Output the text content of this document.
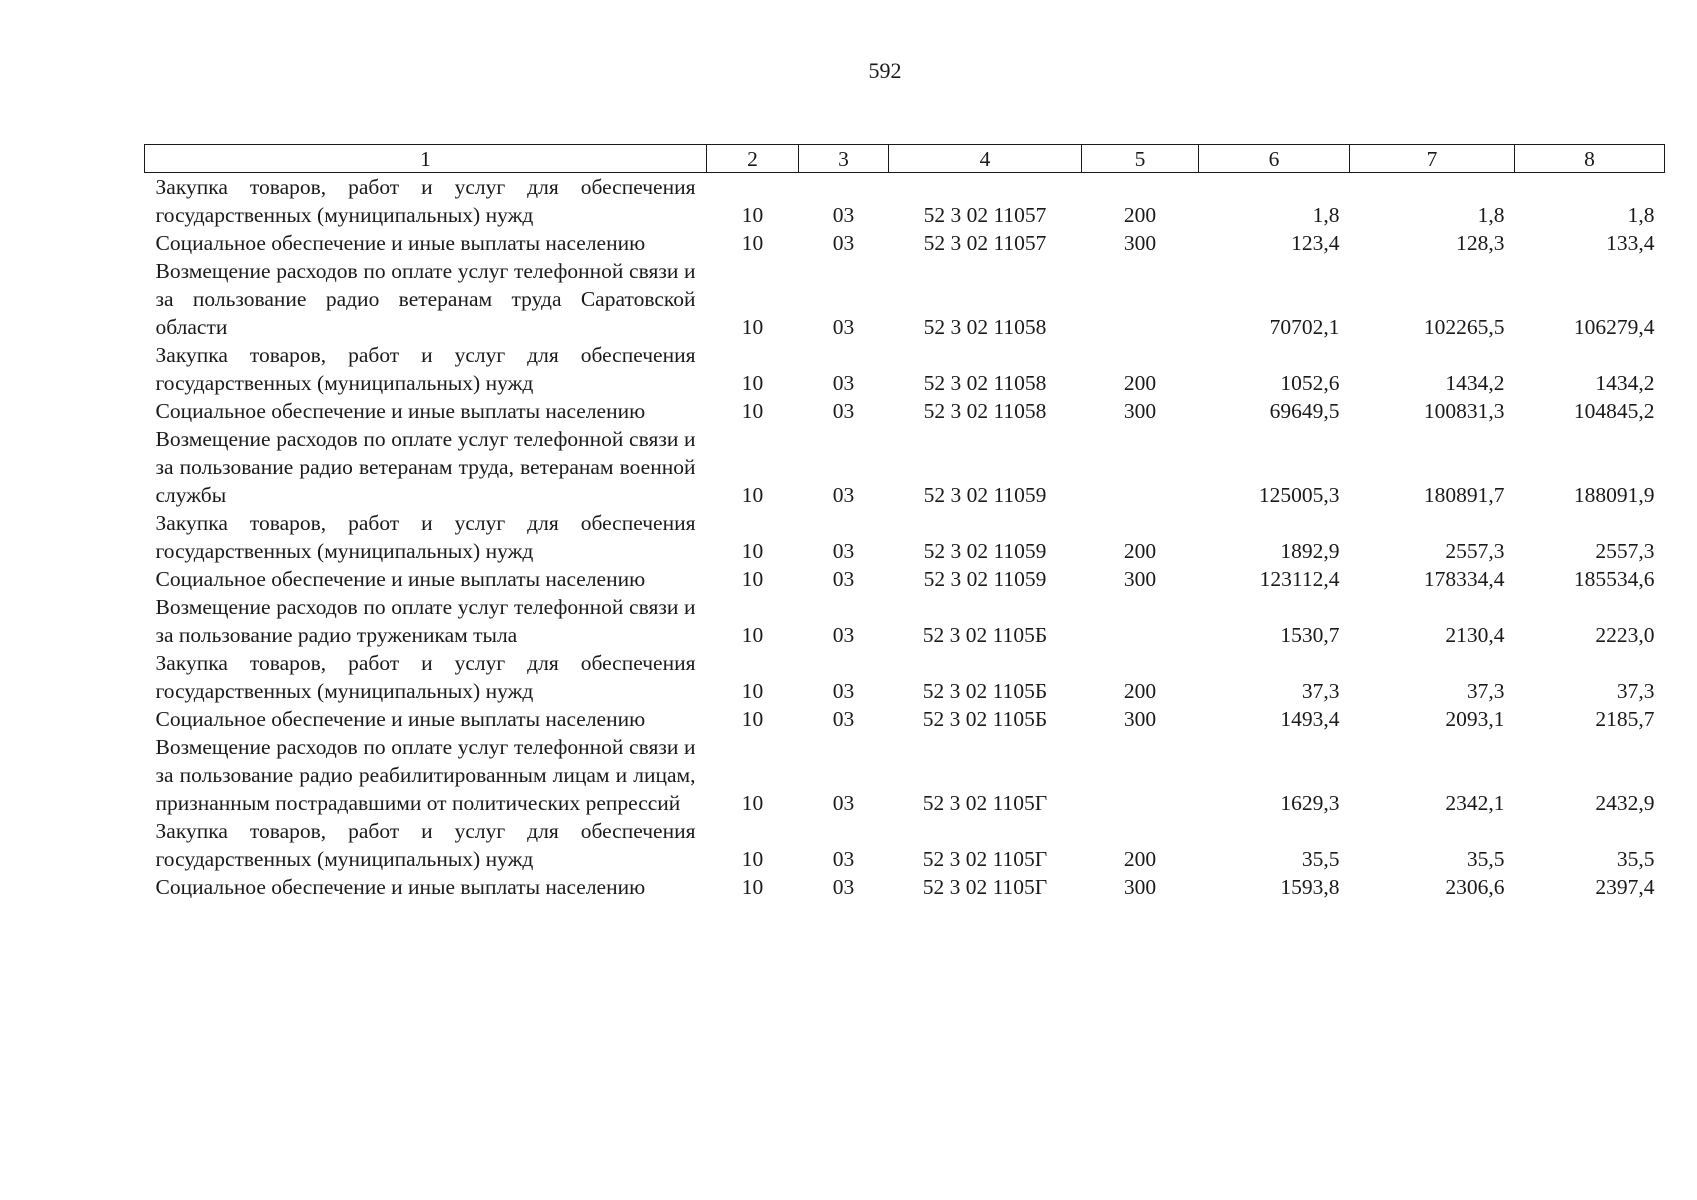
592
1	2	3	4	5	6	7	8
Закупка товаров, работ и услуг для обеспечения государственных (муниципальных) нужд	10	03	52 3 02 11057	200	1,8	1,8	1,8
Социальное обеспечение и иные выплаты населению	10	03	52 3 02 11057	300	123,4	128,3	133,4
Возмещение расходов по оплате услуг телефонной связи и за пользование радио ветеранам труда Саратовской области	10	03	52 3 02 11058		70702,1	102265,5	106279,4
Закупка товаров, работ и услуг для обеспечения государственных (муниципальных) нужд	10	03	52 3 02 11058	200	1052,6	1434,2	1434,2
Социальное обеспечение и иные выплаты населению	10	03	52 3 02 11058	300	69649,5	100831,3	104845,2
Возмещение расходов по оплате услуг телефонной связи и за пользование радио ветеранам труда, ветеранам военной службы	10	03	52 3 02 11059		125005,3	180891,7	188091,9
Закупка товаров, работ и услуг для обеспечения государственных (муниципальных) нужд	10	03	52 3 02 11059	200	1892,9	2557,3	2557,3
Социальное обеспечение и иные выплаты населению	10	03	52 3 02 11059	300	123112,4	178334,4	185534,6
Возмещение расходов по оплате услуг телефонной связи и за пользование радио труженикам тыла	10	03	52 3 02 1105Б		1530,7	2130,4	2223,0
Закупка товаров, работ и услуг для обеспечения государственных (муниципальных) нужд	10	03	52 3 02 1105Б	200	37,3	37,3	37,3
Социальное обеспечение и иные выплаты населению	10	03	52 3 02 1105Б	300	1493,4	2093,1	2185,7
Возмещение расходов по оплате услуг телефонной связи и за пользование радио реабилитированным лицам и лицам, признанным пострадавшими от политических репрессий	10	03	52 3 02 1105Г		1629,3	2342,1	2432,9
Закупка товаров, работ и услуг для обеспечения государственных (муниципальных) нужд	10	03	52 3 02 1105Г	200	35,5	35,5	35,5
Социальное обеспечение и иные выплаты населению	10	03	52 3 02 1105Г	300	1593,8	2306,6	2397,4
